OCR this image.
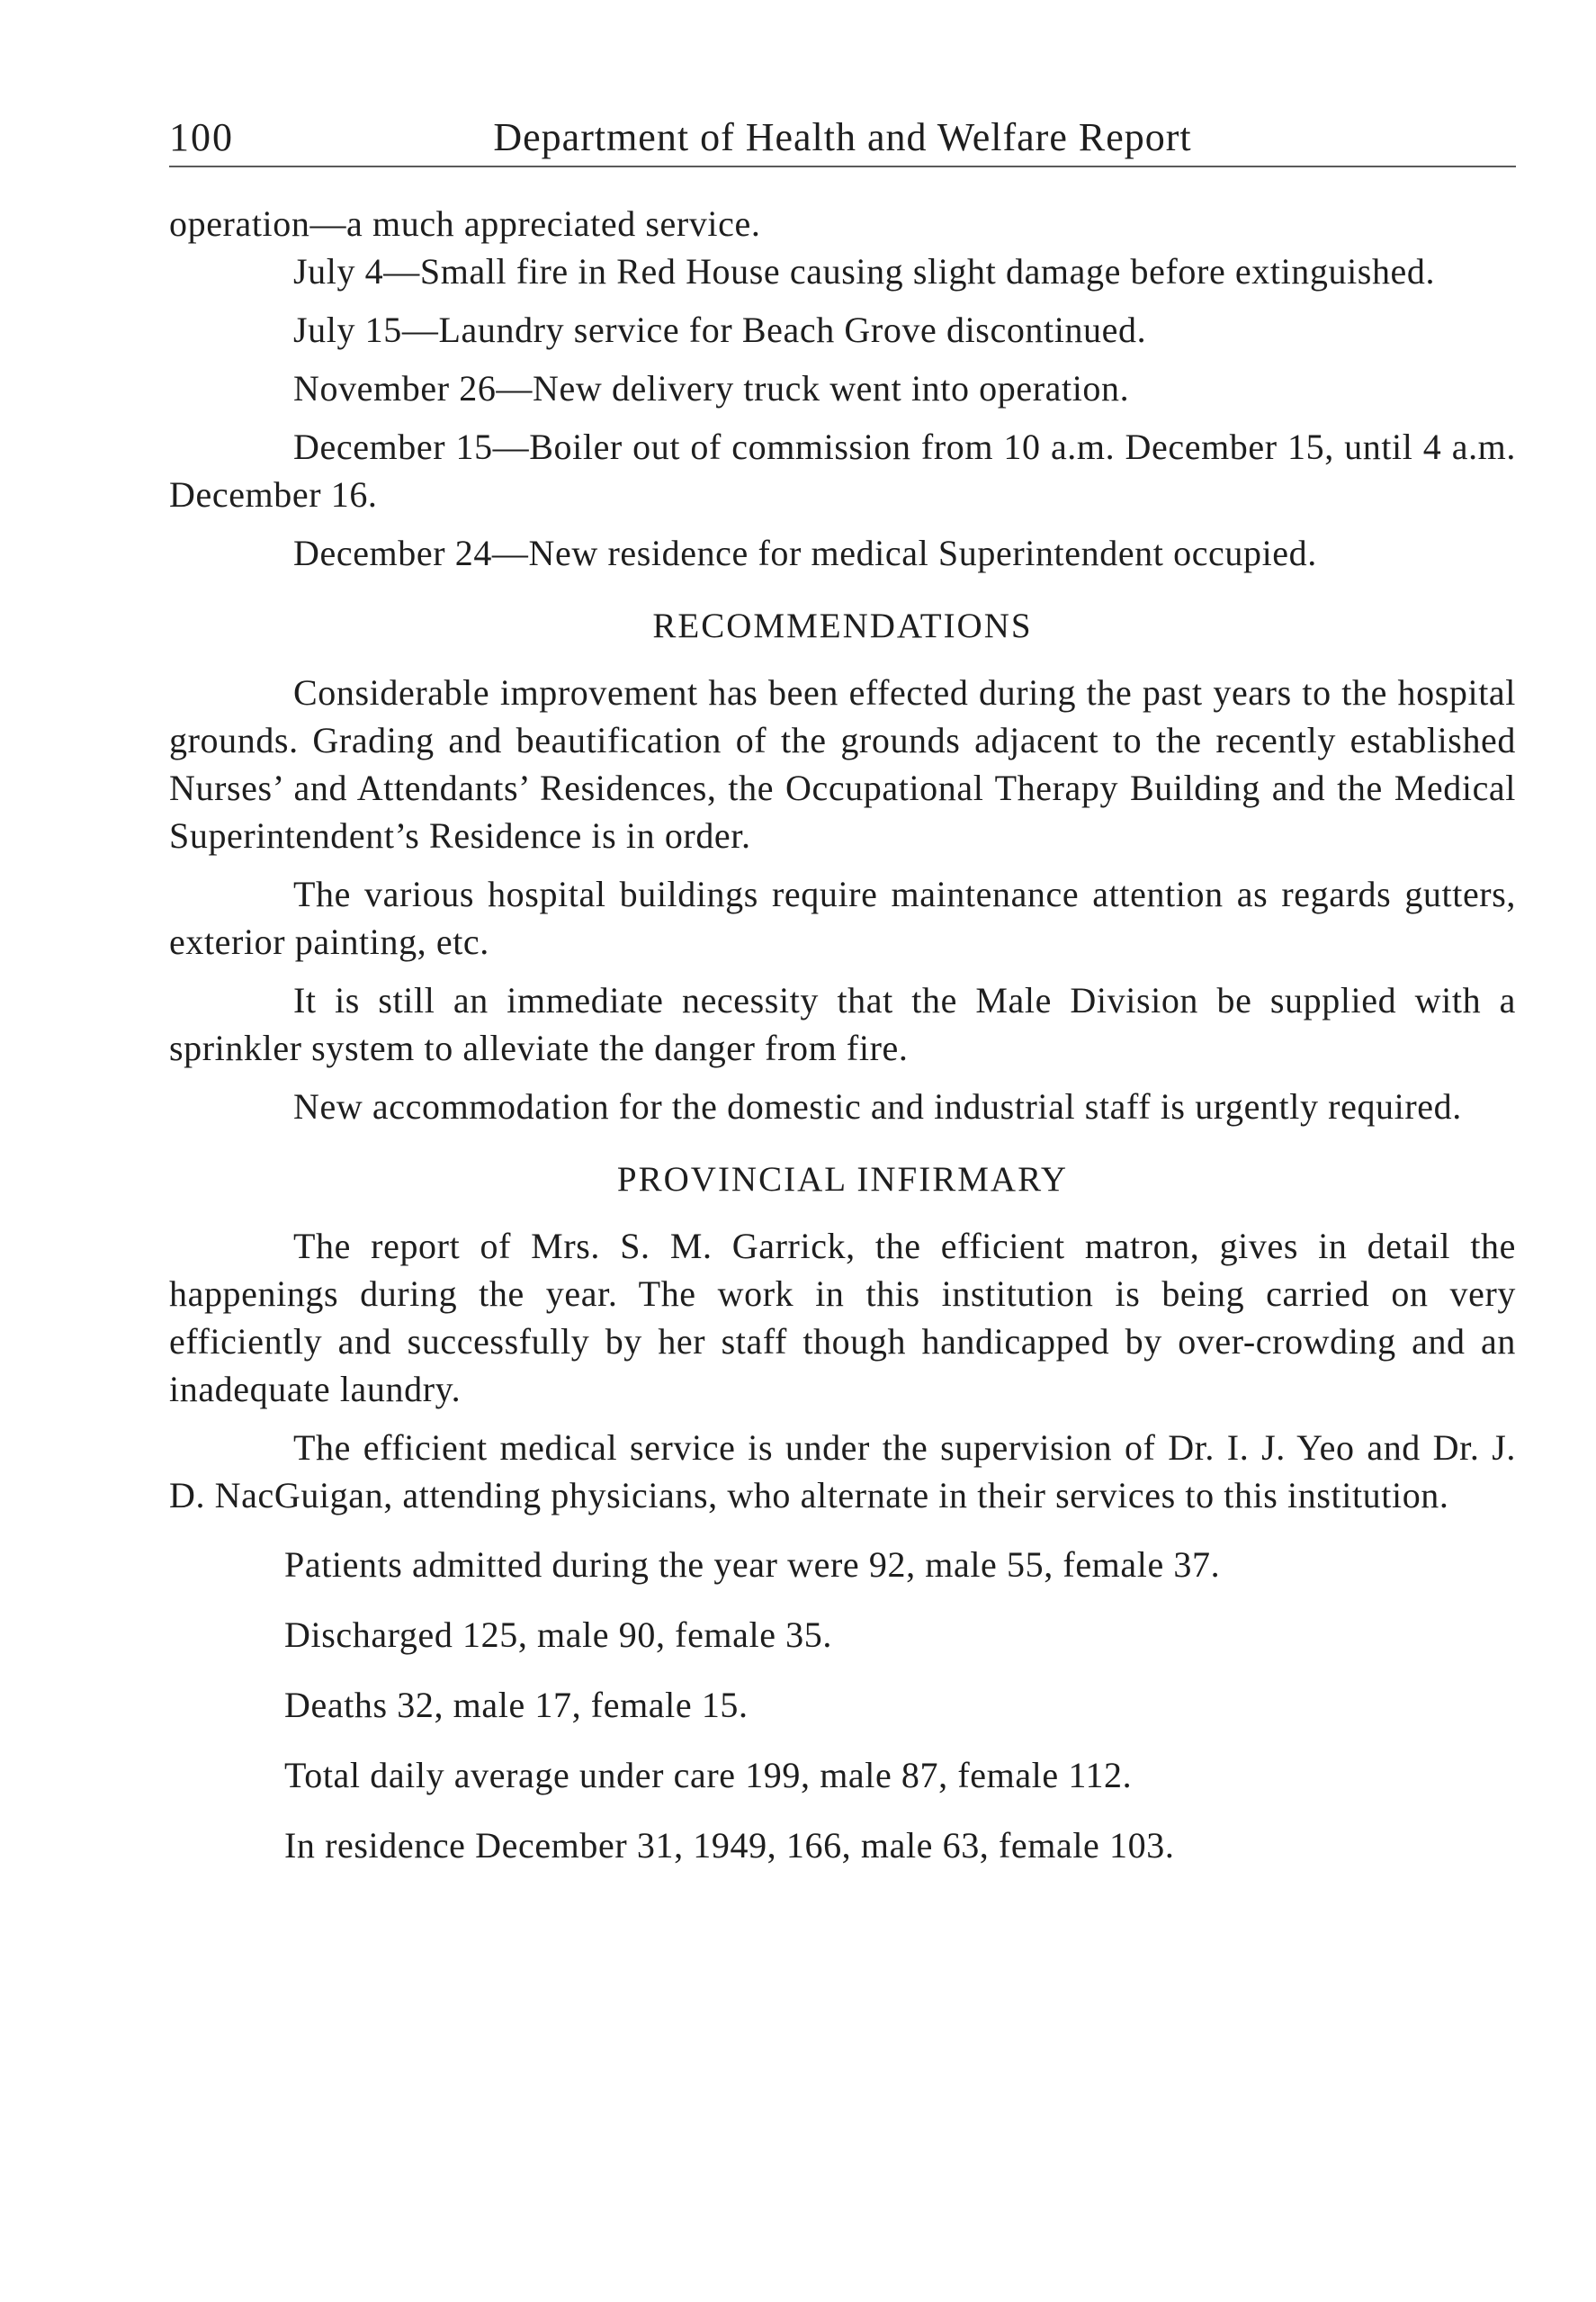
100	Department of Health and Welfare Report

operation—a much appreciated service.

July 4—Small fire in Red House causing slight damage before extinguished.

July 15—Laundry service for Beach Grove discontinued.

November 26—New delivery truck went into operation.

December 15—Boiler out of commission from 10 a.m. December 15, until 4 a.m. December 16.

December 24—New residence for medical Superintendent occupied.

RECOMMENDATIONS

Considerable improvement has been effected during the past years to the hospital grounds. Grading and beautification of the grounds adjacent to the recently established Nurses’ and Attendants’ Residences, the Occupational Therapy Building and the Medical Superintendent’s Residence is in order.

The various hospital buildings require maintenance attention as regards gutters, exterior painting, etc.

It is still an immediate necessity that the Male Division be supplied with a sprinkler system to alleviate the danger from fire.

New accommodation for the domestic and industrial staff is urgently required.

PROVINCIAL INFIRMARY

The report of Mrs. S. M. Garrick, the efficient matron, gives in detail the happenings during the year. The work in this institution is being carried on very efficiently and successfully by her staff though handicapped by over-crowding and an inadequate laundry.

The efficient medical service is under the supervision of Dr. I. J. Yeo and Dr. J. D. NacGuigan, attending physicians, who alternate in their services to this institution.

Patients admitted during the year were 92, male 55, female 37.

Discharged 125, male 90, female 35.

Deaths 32, male 17, female 15.

Total daily average under care 199, male 87, female 112.

In residence December 31, 1949, 166, male 63, female 103.
